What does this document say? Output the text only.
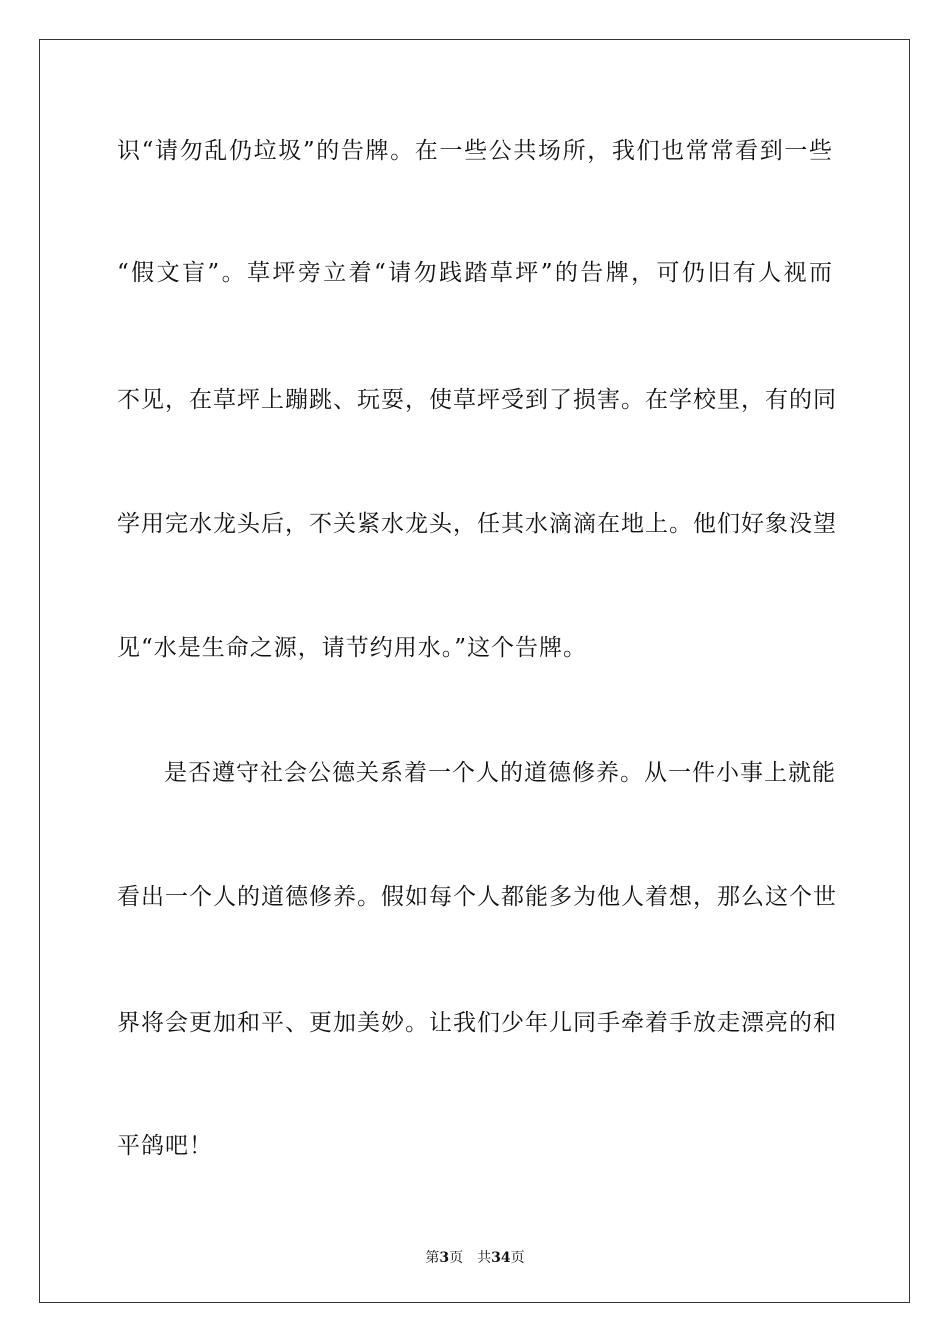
识“请勿乱仍垃圾”的告牌。在一些公共场所，我们也常常看到一些
“假文盲”。草坪旁立着“请勿践踏草坪”的告牌，可仍旧有人视而
不见，在草坪上蹦跳、玩耍，使草坪受到了损害。在学校里，有的同
学用完水龙头后，不关紧水龙头，任其水滴滴在地上。他们好象没望
见“水是生命之源，请节约用水。”这个告牌。
是否遵守社会公德关系着一个人的道德修养。从一件小事上就能
看出一个人的道德修养。假如每个人都能多为他人着想，那么这个世
界将会更加和平、更加美妙。让我们少年儿同手牵着手放走漂亮的和
平鸽吧！
第3页 共34页
